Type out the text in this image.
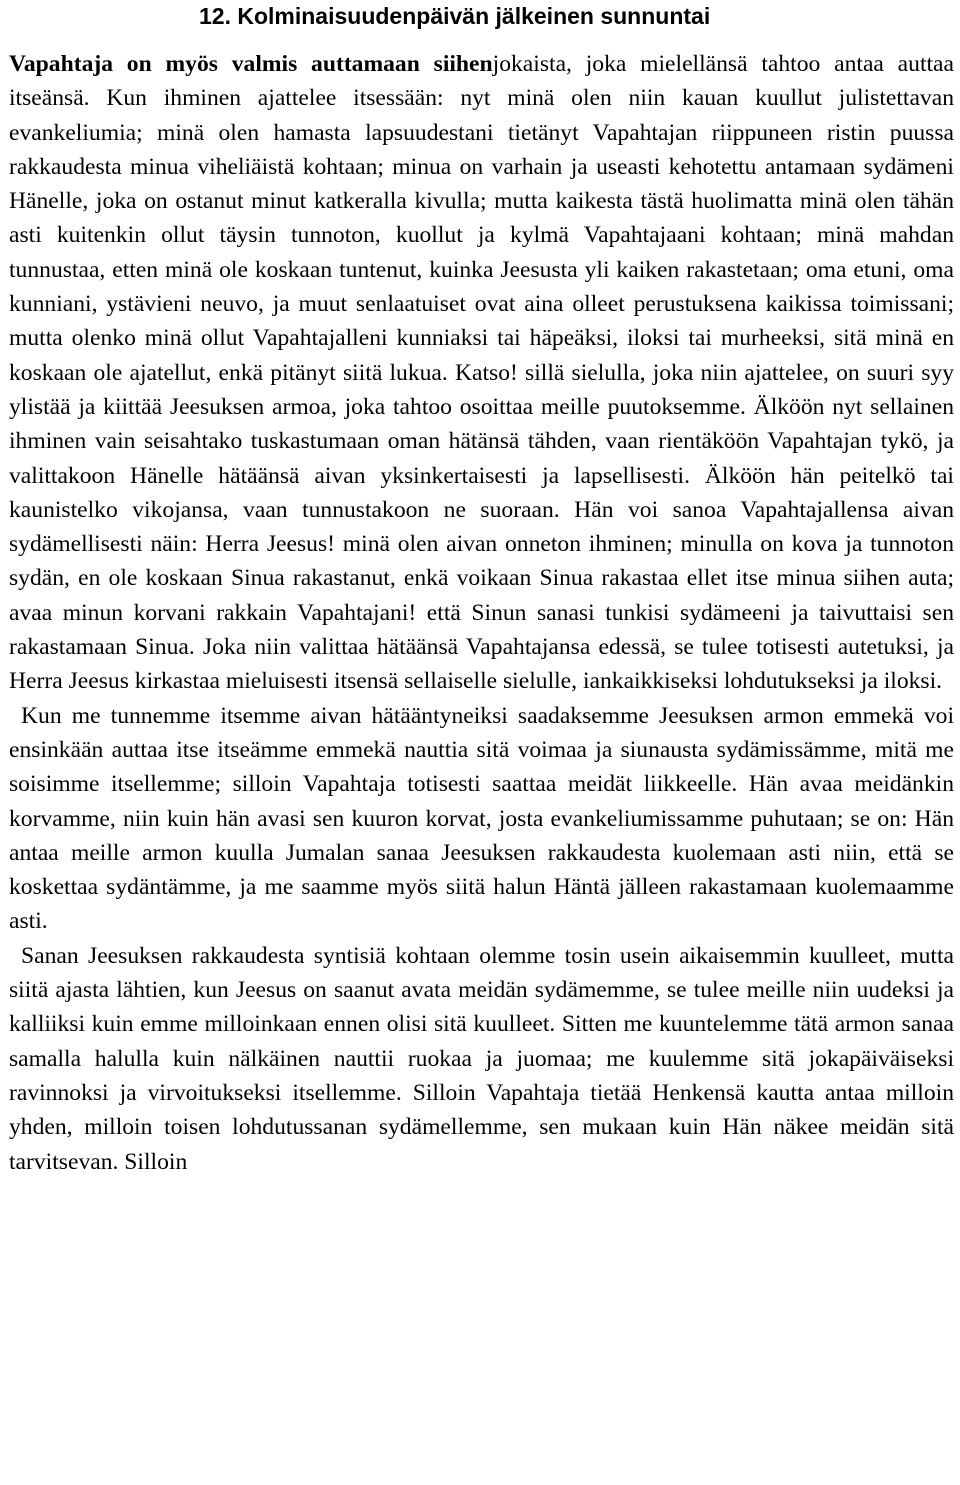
12. Kolminaisuudenpäivän jälkeinen sunnuntai

Vapahtaja on myös valmis auttamaan siihenjokaista, joka mielellänsä tahtoo antaa auttaa itseänsä. Kun ihminen ajattelee itsessään: nyt minä olen niin kauan kuullut julistettavan evankeliumia; minä olen hamasta lapsuudestani tietänyt Vapahtajan riippuneen ristin puussa rakkaudesta minua viheliäistä kohtaan; minua on varhain ja useasti kehotettu antamaan sydämeni Hänelle, joka on ostanut minut katkeralla kivulla; mutta kaikesta tästä huolimatta minä olen tähän asti kuitenkin ollut täysin tunnoton, kuollut ja kylmä Vapahtajaani kohtaan; minä mahdan tunnustaa, etten minä ole koskaan tuntenut, kuinka Jeesusta yli kaiken rakastetaan; oma etuni, oma kunniani, ystävieni neuvo, ja muut senlaatuiset ovat aina olleet perustuksena kaikissa toimissani; mutta olenko minä ollut Vapahtajalleni kunniaksi tai häpeäksi, iloksi tai murheeksi, sitä minä en koskaan ole ajatellut, enkä pitänyt siitä lukua. Katso! sillä sielulla, joka niin ajattelee, on suuri syy ylistää ja kiittää Jeesuksen armoa, joka tahtoo osoittaa meille puutoksemme. Älköön nyt sellainen ihminen vain seisahtako tuskastumaan oman hätänsä tähden, vaan rientäköön Vapahtajan tykö, ja valittakoon Hänelle hätäänsä aivan yksinkertaisesti ja lapsellisesti. Älköön hän peitelkö tai kaunistelko vikojansa, vaan tunnustakoon ne suoraan. Hän voi sanoa Vapahtajallensa aivan sydämellisesti näin: Herra Jeesus! minä olen aivan onneton ihminen; minulla on kova ja tunnoton sydän, en ole koskaan Sinua rakastanut, enkä voikaan Sinua rakastaa ellet itse minua siihen auta; avaa minun korvani rakkain Vapahtajani! että Sinun sanasi tunkisi sydämeeni ja taivuttaisi sen rakastamaan Sinua. Joka niin valittaa hätäänsä Vapahtajansa edessä, se tulee totisesti autetuksi, ja Herra Jeesus kirkastaa mieluisesti itsensä sellaiselle sielulle, iankaikkiseksi lohdutukseksi ja iloksi.

Kun me tunnemme itsemme aivan hätääntyneiksi saadaksemme Jeesuksen armon emmekä voi ensinkään auttaa itse itseämme emmekä nauttia sitä voimaa ja siunausta sydämissämme, mitä me soisimme itsellemme; silloin Vapahtaja totisesti saattaa meidät liikkeelle. Hän avaa meidänkin korvamme, niin kuin hän avasi sen kuuron korvat, josta evankeliumissamme puhutaan; se on: Hän antaa meille armon kuulla Jumalan sanaa Jeesuksen rakkaudesta kuolemaan asti niin, että se koskettaa sydäntämme, ja me saamme myös siitä halun Häntä jälleen rakastamaan kuolemaamme asti.

Sanan Jeesuksen rakkaudesta syntisiä kohtaan olemme tosin usein aikaisemmin kuulleet, mutta siitä ajasta lähtien, kun Jeesus on saanut avata meidän sydämemme, se tulee meille niin uudeksi ja kalliiksi kuin emme milloinkaan ennen olisi sitä kuulleet. Sitten me kuuntelemme tätä armon sanaa samalla halulla kuin nälkäinen nauttii ruokaa ja juomaa; me kuulemme sitä jokapäiväiseksi ravinnoksi ja virvoitukseksi itsellemme. Silloin Vapahtaja tietää Henkensä kautta antaa milloin yhden, milloin toisen lohdutussanan sydämellemme, sen mukaan kuin Hän näkee meidän sitä tarvitsevan. Silloin
